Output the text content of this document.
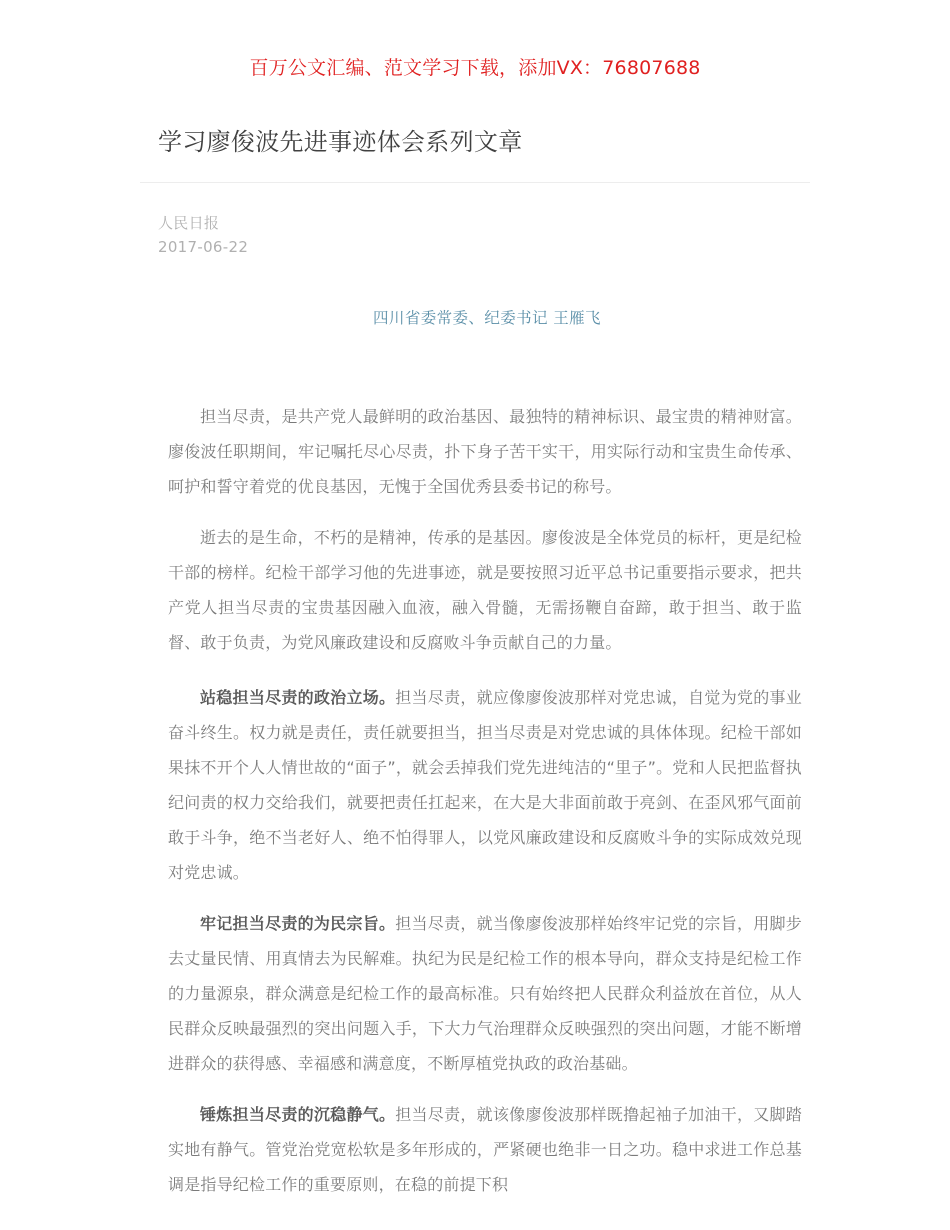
百万公文汇编、范文学习下载，添加VX：76807688
学习廖俊波先进事迹体会系列文章
人民日报
2017-06-22
四川省委常委、纪委书记 王雁飞

担当尽责，是共产党人最鲜明的政治基因、最独特的精神标识、最宝贵的精神财富。廖俊波任职期间，牢记嘱托尽心尽责，扑下身子苦干实干，用实际行动和宝贵生命传承、呵护和誓守着党的优良基因，无愧于全国优秀县委书记的称号。

逝去的是生命，不朽的是精神，传承的是基因。廖俊波是全体党员的标杆，更是纪检干部的榜样。纪检干部学习他的先进事迹，就是要按照习近平总书记重要指示要求，把共产党人担当尽责的宝贵基因融入血液，融入骨髓，无需扬鞭自奋蹄，敢于担当、敢于监督、敢于负责，为党风廉政建设和反腐败斗争贡献自己的力量。

站稳担当尽责的政治立场。担当尽责，就应像廖俊波那样对党忠诚，自觉为党的事业奋斗终生。权力就是责任，责任就要担当，担当尽责是对党忠诚的具体体现。纪检干部如果抹不开个人人情世故的“面子”，就会丢掉我们党先进纯洁的“里子”。党和人民把监督执纪问责的权力交给我们，就要把责任扛起来，在大是大非面前敢于亮剑、在歪风邪气面前敢于斗争，绝不当老好人、绝不怕得罪人，以党风廉政建设和反腐败斗争的实际成效兑现对党忠诚。

牢记担当尽责的为民宗旨。担当尽责，就当像廖俊波那样始终牢记党的宗旨，用脚步去丈量民情、用真情去为民解难。执纪为民是纪检工作的根本导向，群众支持是纪检工作的力量源泉，群众满意是纪检工作的最高标准。只有始终把人民群众利益放在首位，从人民群众反映最强烈的突出问题入手，下大力气治理群众反映强烈的突出问题，才能不断增进群众的获得感、幸福感和满意度，不断厚植党执政的政治基础。

锤炼担当尽责的沉稳静气。担当尽责，就该像廖俊波那样既撸起袖子加油干，又脚踏实地有静气。管党治党宽松软是多年形成的，严紧硬也绝非一日之功。稳中求进工作总基调是指导纪检工作的重要原则，在稳的前提下积
